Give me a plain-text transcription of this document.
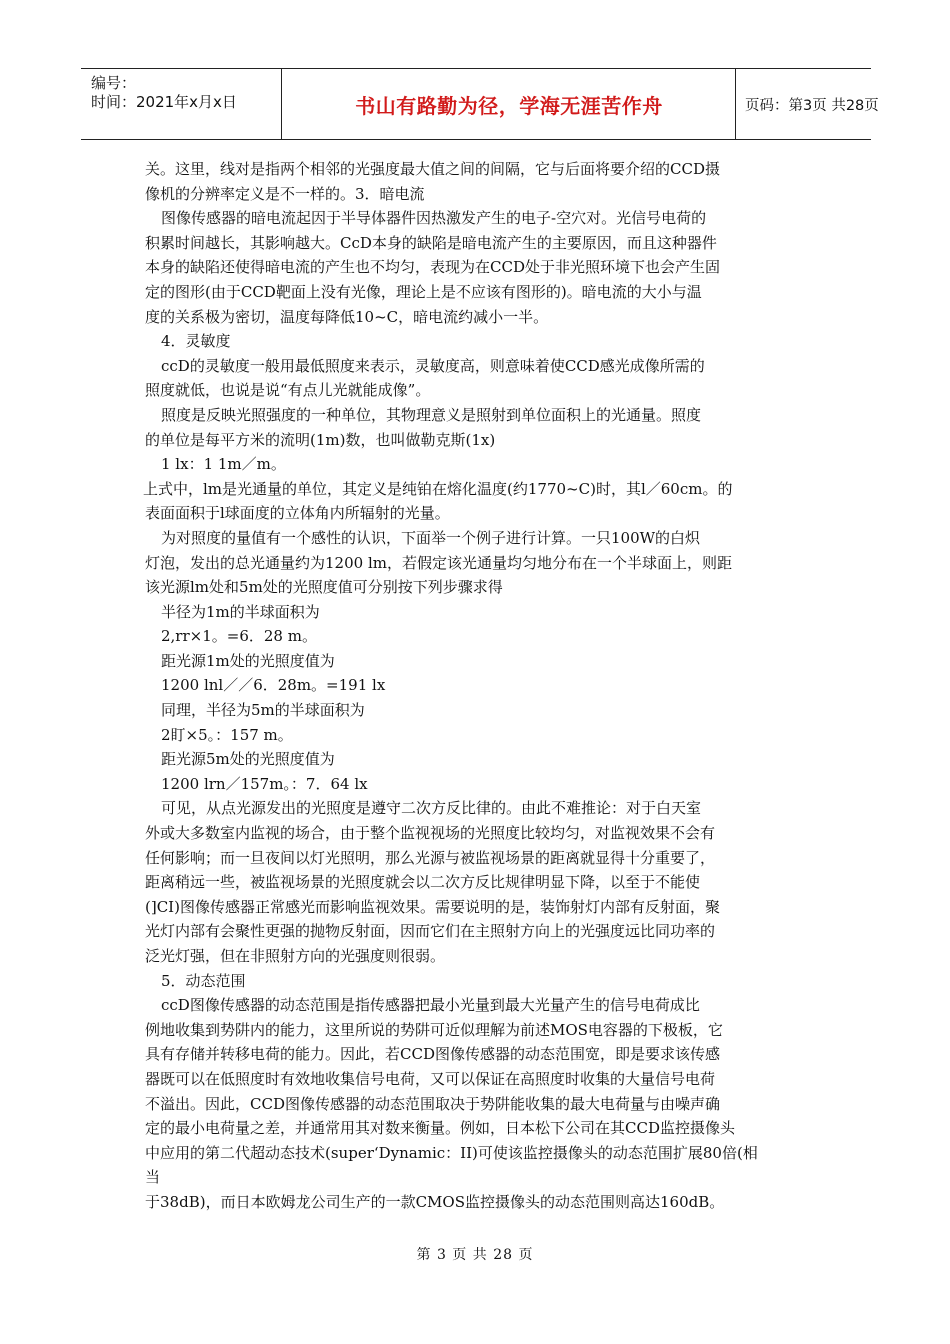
编号：
时间：2021年x月x日	书山有路勤为径，学海无涯苦作舟	页码：第3页 共28页
关。这里，线对是指两个相邻的光强度最大值之间的间隔，它与后面将要介绍的CCD摄
像机的分辨率定义是不一样的。3．暗电流
图像传感器的暗电流起因于半导体器件因热激发产生的电子-空穴对。光信号电荷的
积累时间越长，其影响越大。CcD本身的缺陷是暗电流产生的主要原因，而且这种器件
本身的缺陷还使得暗电流的产生也不均匀，表现为在CCD处于非光照环境下也会产生固
定的图形(由于CCD靶面上没有光像，理论上是不应该有图形的)。暗电流的大小与温
度的关系极为密切，温度每降低10~C，暗电流约减小一半。
4．灵敏度
ccD的灵敏度一般用最低照度来表示，灵敏度高，则意味着使CCD感光成像所需的
照度就低，也说是说“有点儿光就能成像”。
照度是反映光照强度的一种单位，其物理意义是照射到单位面积上的光通量。照度
的单位是每平方米的流明(1m)数，也叫做勒克斯(1x)
1 lx：1 1m／m。
上式中，lm是光通量的单位，其定义是纯铂在熔化温度(约1770~C)时，其l／60cm。的
表面面积于l球面度的立体角内所辐射的光量。
为对照度的量值有一个感性的认识，下面举一个例子进行计算。一只100W的白炽
灯泡，发出的总光通量约为1200 lm，若假定该光通量均匀地分布在一个半球面上，则距
该光源lm处和5m处的光照度值可分别按下列步骤求得
半径为1m的半球面积为
2,rr×1。=6．28 m。
距光源1m处的光照度值为
1200 lnl／／6．28m。=191 lx
同理，半径为5m的半球面积为
2盯×5。：157 m。
距光源5m处的光照度值为
1200 lrn／157m。：7．64 lx
可见，从点光源发出的光照度是遵守二次方反比律的。由此不难推论：对于白天室
外或大多数室内监视的场合，由于整个监视视场的光照度比较均匀，对监视效果不会有
任何影响；而一旦夜间以灯光照明，那么光源与被监视场景的距离就显得十分重要了，
距离稍远一些，被监视场景的光照度就会以二次方反比规律明显下降，以至于不能使
(]CI)图像传感器正常感光而影响监视效果。需要说明的是，装饰射灯内部有反射面，聚
光灯内部有会聚性更强的抛物反射面，因而它们在主照射方向上的光强度远比同功率的
泛光灯强，但在非照射方向的光强度则很弱。
5．动态范围
ccD图像传感器的动态范围是指传感器把最小光量到最大光量产生的信号电荷成比
例地收集到势阱内的能力，这里所说的势阱可近似理解为前述MOS电容器的下极板，它
具有存储并转移电荷的能力。因此，若CCD图像传感器的动态范围宽，即是要求该传感
器既可以在低照度时有效地收集信号电荷，又可以保证在高照度时收集的大量信号电荷
不溢出。因此，CCD图像传感器的动态范围取决于势阱能收集的最大电荷量与由噪声确
定的最小电荷量之差，并通常用其对数来衡量。例如，日本松下公司在其CCD监控摄像头
中应用的第二代超动态技术(super‘Dynamic：II)可使该监控摄像头的动态范围扩展80倍(相
当
于38dB)，而日本欧姆龙公司生产的一款CMOS监控摄像头的动态范围则高达160dB。
第 3 页 共 28 页
